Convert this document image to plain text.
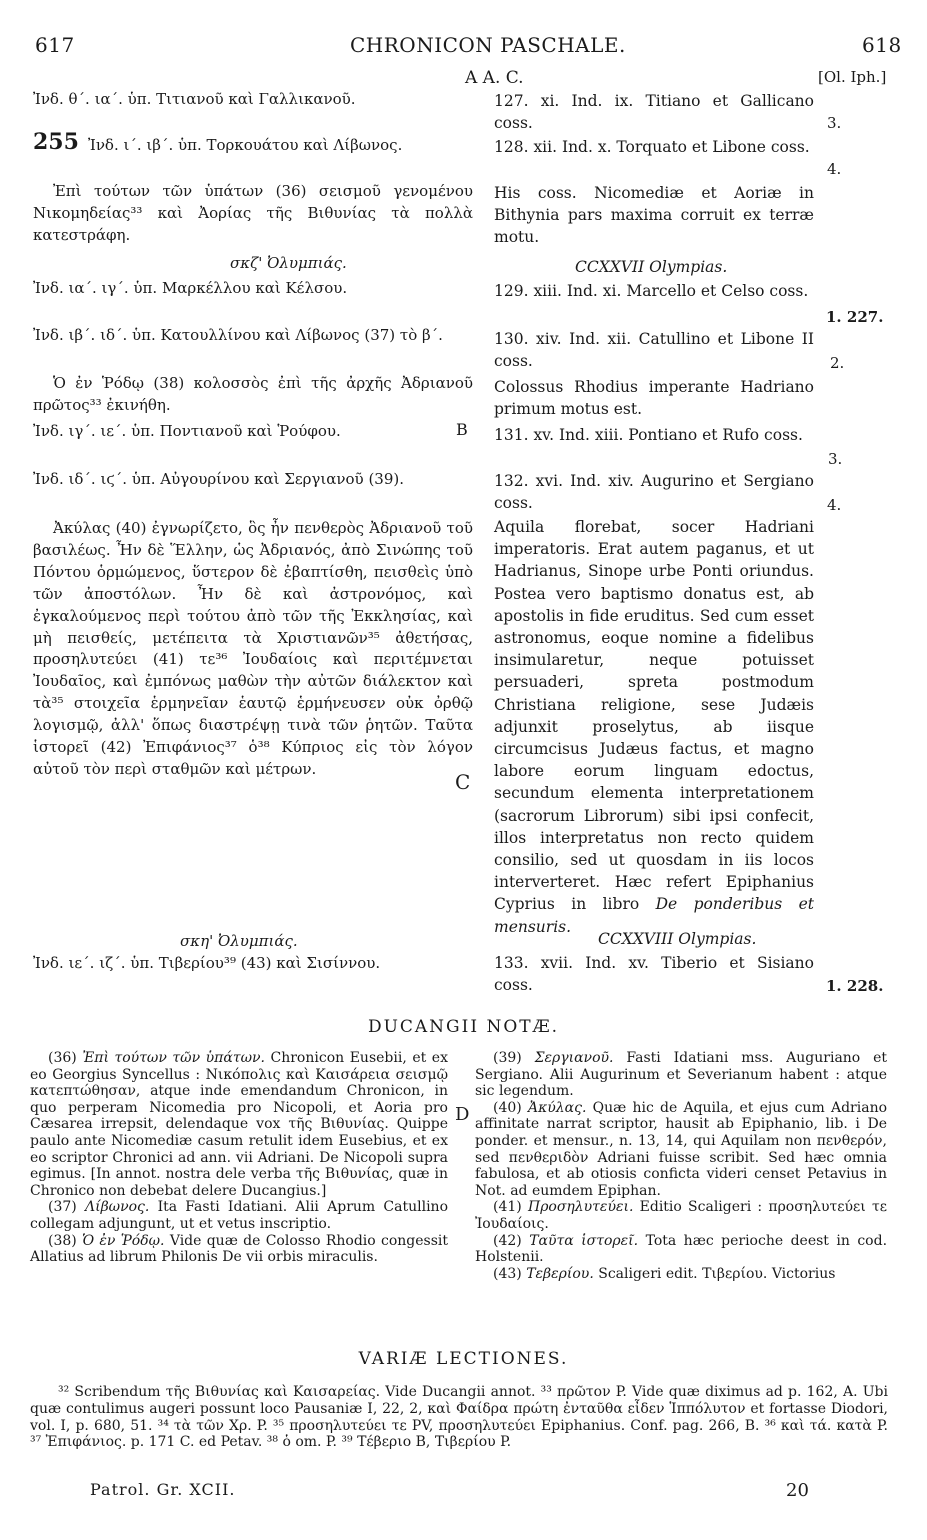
617	CHRONICON PASCHALE.	618
A A. C.	[Ol. Iph.]
Ἰνδ. θ΄. ια΄. ὑπ. Τιτιανοῦ καὶ Γαλλικανοῦ.
255 Ἰνδ. ι΄. ιβ΄. ὑπ. Τορκουάτου καὶ Λίβωνος.
Ἐπὶ τούτων τῶν ὑπάτων (36) σεισμοῦ γενομένου Νικομηδείας³³ καὶ Ἀορίας τῆς Βιθυνίας τὰ πολλὰ κατεστράφη.
σκζ' Ὀλυμπιάς.
Ἰνδ. ια΄. ιγ΄. ὑπ. Μαρκέλλου καὶ Κέλσου.
Ἰνδ. ιβ΄. ιδ΄. ὑπ. Κατουλλίνου καὶ Λίβωνος (37) τὸ β΄.
Ὁ ἐν Ῥόδῳ (38) κολοσσὸς ἐπὶ τῆς ἀρχῆς Ἀδριανοῦ πρῶτος³³ ἐκινήθη.
Ἰνδ. ιγ΄. ιε΄. ὑπ. Ποντιανοῦ καὶ Ῥούφου.
Ἰνδ. ιδ΄. ιϛ΄. ὑπ. Αὐγουρίνου καὶ Σεργιανοῦ (39).
Ἀκύλας (40) ἐγνωρίζετο, ὃς ἦν πενθερὸς Ἀδριανοῦ τοῦ βασιλέως. Ἦν δὲ Ἕλλην, ὡς Ἀδριανός, ἀπὸ Σινώπης τοῦ Πόντου ὁρμώμενος, ὕστερον δὲ ἐβαπτίσθη, πεισθεὶς ὑπὸ τῶν ἀποστόλων. Ἦν δὲ καὶ ἀστρονόμος, καὶ ἐγκαλούμενος περὶ τούτου ἀπὸ τῶν τῆς Ἐκκλησίας, καὶ μὴ πεισθείς, μετέπειτα τὰ Χριστιανῶν³⁵ ἀθετήσας, προσηλυτεύει (41) τε³⁶ Ἰουδαίοις καὶ περιτέμνεται Ἰουδαῖος, καὶ ἐμπόνως μαθὼν τὴν αὐτῶν διάλεκτον καὶ τὰ³⁵ στοιχεῖα ἑρμηνεῖαν ἑαυτῷ ἑρμήνευσεν οὐκ ὀρθῷ λογισμῷ, ἀλλ' ὅπως διαστρέψῃ τινὰ τῶν ῥητῶν. Ταῦτα ἱστορεῖ (42) Ἐπιφάνιος³⁷ ὁ³⁸ Κύπριος εἰς τὸν λόγον αὐτοῦ τὸν περὶ σταθμῶν καὶ μέτρων.
σκη' Ὀλυμπιάς.
Ἰνδ. ιε΄. ιζ΄. ὑπ. Τιβερίου³⁹ (43) καὶ Σισίννου.
B
C
D
127. xi. Ind. ix. Titiano et Gallicano coss.
128. xii. Ind. x. Torquato et Libone coss.
His coss. Nicomediæ et Aoriæ in Bithynia pars maxima corruit ex terræ motu.
CCXXVII Olympias.
129. xiii. Ind. xi. Marcello et Celso coss.
130. xiv. Ind. xii. Catullino et Libone II coss.
Colossus Rhodius imperante Hadriano primum motus est.
131. xv. Ind. xiii. Pontiano et Rufo coss.
132. xvi. Ind. xiv. Augurino et Sergiano coss.
Aquila florebat, socer Hadriani imperatoris. Erat autem paganus, et ut Hadrianus, Sinope urbe Ponti oriundus. Postea vero baptismo donatus est, ab apostolis in fide eruditus. Sed cum esset astronomus, eoque nomine a fidelibus insimularetur, neque potuisset persuaderi, spreta postmodum Christiana religione, sese Judæis adjunxit proselytus, ab iisque circumcisus Judæus factus, et magno labore eorum linguam edoctus, secundum elementa interpretationem (sacrorum Librorum) sibi ipsi confecit, illos interpretatus non recto quidem consilio, sed ut quosdam in iis locos interverteret. Hæc refert Epiphanius Cyprius in libro De ponderibus et mensuris.
CCXXVIII Olympias.
133. xvii. Ind. xv. Tiberio et Sisiano coss.
3.
4.
1. 227.
2.
3.
4.
1. 228.
DUCANGII NOTÆ.
(36) Ἐπὶ τούτων τῶν ὑπάτων. Chronicon Eusebii, et ex eo Georgius Syncellus : Νικόπολις καὶ Καισάρεια σεισμῷ κατεπτώθησαν, atque inde emendandum Chronicon, in quo perperam Nicomedia pro Nicopoli, et Aoria pro Cæsarea irrepsit, delendaque vox τῆς Βιθυνίας. Quippe paulo ante Nicomediæ casum retulit idem Eusebius, et ex eo scriptor Chronici ad ann. vii Adriani. De Nicopoli supra egimus. [In annot. nostra dele verba τῆς Βιθυνίας, quæ in Chronico non debebat delere Ducangius.]
(37) Λίβωνος. Ita Fasti Idatiani. Alii Aprum Catullino collegam adjungunt, ut et vetus inscriptio.
(38) Ὁ ἐν Ῥόδῳ. Vide quæ de Colosso Rhodio congessit Allatius ad librum Philonis De vii orbis miraculis.
(39) Σεργιανοῦ. Fasti Idatiani mss. Auguriano et Sergiano. Alii Augurinum et Severianum habent : atque sic legendum.
(40) Ἀκύλας. Quæ hic de Aquila, et ejus cum Adriano affinitate narrat scriptor, hausit ab Epiphanio, lib. i De ponder. et mensur., n. 13, 14, qui Aquilam non πενθερόν, sed πενθεριδὸν Adriani fuisse scribit. Sed hæc omnia fabulosa, et ab otiosis conficta videri censet Petavius in Not. ad eumdem Epiphan.
(41) Προσηλυτεύει. Editio Scaligeri : προσηλυτεύει τε Ἰουδαίοις.
(42) Ταῦτα ἱστορεῖ. Tota hæc perioche deest in cod. Holstenii.
(43) Τεβερίου. Scaligeri edit. Τιβερίου. Victorius
VARIÆ LECTIONES.
³² Scribendum τῆς Βιθυνίας καὶ Καισαρείας. Vide Ducangii annot. ³³ πρῶτον P. Vide quæ diximus ad p. 162, A. Ubi quæ contulimus augeri possunt loco Pausaniæ I, 22, 2, καὶ Φαίδρα πρώτη ἐνταῦθα εἶδεν Ἱππόλυτον et fortasse Diodori, vol. I, p. 680, 51. ³⁴ τὰ τῶν Χρ. P. ³⁵ προσηλυτεύει τε PV, προσηλυτεύει Epiphanius. Conf. pag. 266, B. ³⁶ καὶ τά. κατὰ P. ³⁷ Ἐπιφάνιος. p. 171 C. ed Petav. ³⁸ ὁ om. P. ³⁹ Τέβεριο B, Τιβερίου P.
Patrol. Gr. XCII.	20
